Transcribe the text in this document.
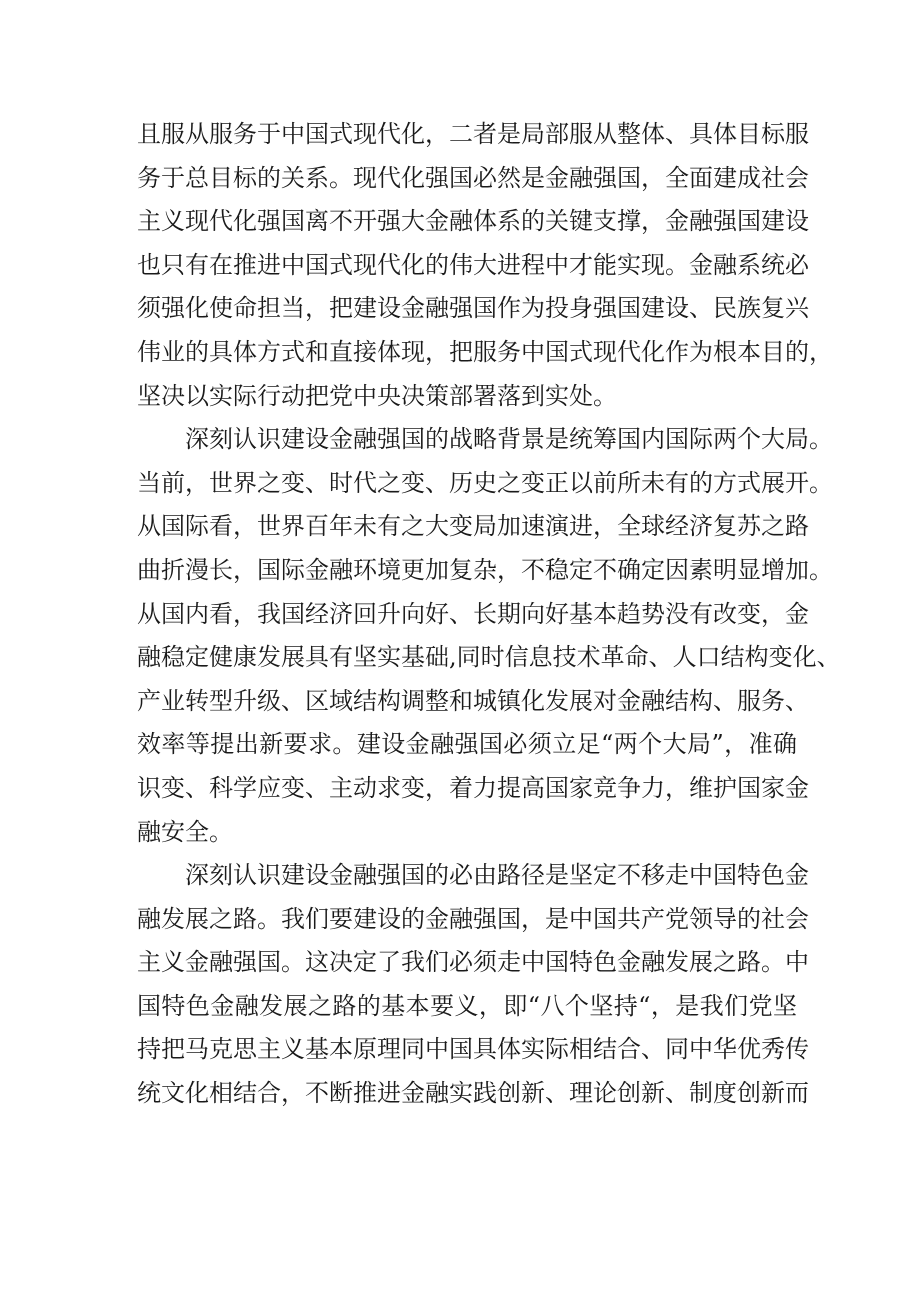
且服从服务于中国式现代化，二者是局部服从整体、具体目标服
务于总目标的关系。现代化强国必然是金融强国，全面建成社会
主义现代化强国离不开强大金融体系的关键支撑，金融强国建设
也只有在推进中国式现代化的伟大进程中才能实现。金融系统必
须强化使命担当，把建设金融强国作为投身强国建设、民族复兴
伟业的具体方式和直接体现，把服务中国式现代化作为根本目的，
坚决以实际行动把党中央决策部署落到实处。
深刻认识建设金融强国的战略背景是统筹国内国际两个大局。
当前，世界之变、时代之变、历史之变正以前所未有的方式展开。
从国际看，世界百年未有之大变局加速演进，全球经济复苏之路
曲折漫长，国际金融环境更加复杂，不稳定不确定因素明显增加。
从国内看，我国经济回升向好、长期向好基本趋势没有改变，金
融稳定健康发展具有坚实基础,同时信息技术革命、人口结构变化、
产业转型升级、区域结构调整和城镇化发展对金融结构、服务、
效率等提出新要求。建设金融强国必须立足“两个大局”，准确
识变、科学应变、主动求变，着力提高国家竞争力，维护国家金
融安全。
深刻认识建设金融强国的必由路径是坚定不移走中国特色金
融发展之路。我们要建设的金融强国，是中国共产党领导的社会
主义金融强国。这决定了我们必须走中国特色金融发展之路。中
国特色金融发展之路的基本要义，即“八个坚持“，是我们党坚
持把马克思主义基本原理同中国具体实际相结合、同中华优秀传
统文化相结合，不断推进金融实践创新、理论创新、制度创新而
